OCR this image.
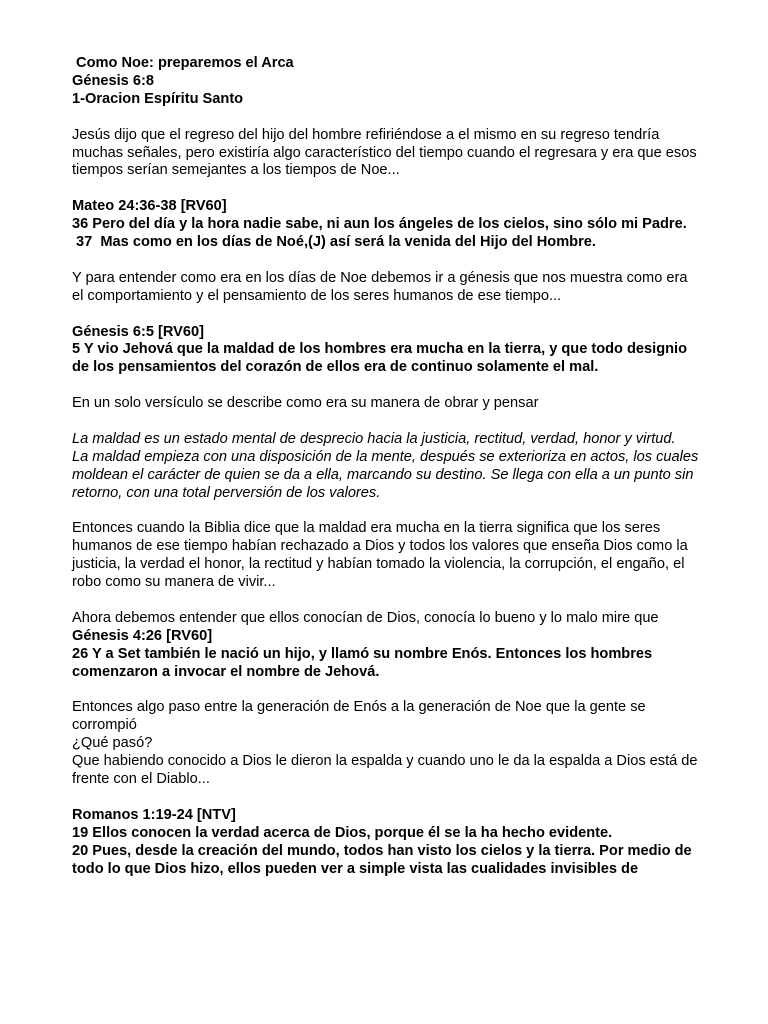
Como Noe: preparemos el Arca
Génesis 6:8
1-Oracion Espíritu Santo
Jesús dijo que el regreso del hijo del hombre refiriéndose a el mismo en su regreso tendría muchas señales, pero existiría algo característico del tiempo cuando el regresara y era que esos tiempos serían semejantes a los tiempos de Noe...
Mateo 24:36-38 [RV60]
36 Pero del día y la hora nadie sabe, ni aun los ángeles de los cielos, sino sólo mi Padre.
37  Mas como en los días de Noé,(J) así será la venida del Hijo del Hombre.
Y para entender como era en los días de Noe debemos ir a génesis que nos muestra como era el comportamiento y el pensamiento de los seres humanos de ese tiempo...
Génesis 6:5 [RV60]
5 Y vio Jehová que la maldad de los hombres era mucha en la tierra, y que todo designio de los pensamientos del corazón de ellos era de continuo solamente el mal.
En un solo versículo se describe como era su manera de obrar y pensar
La maldad es un estado mental de desprecio hacia la justicia, rectitud, verdad, honor y virtud.
La maldad empieza con una disposición de la mente, después se exterioriza en actos, los cuales moldean el carácter de quien se da a ella, marcando su destino. Se llega con ella a un punto sin retorno, con una total perversión de los valores.
Entonces cuando la Biblia dice que la maldad era mucha en la tierra significa que los seres humanos de ese tiempo habían rechazado a Dios y todos los valores que enseña Dios como la justicia, la verdad el honor, la rectitud y habían tomado la violencia, la corrupción, el engaño, el robo como su manera de vivir...
Ahora debemos entender que ellos conocían de Dios, conocía lo bueno y lo malo mire que
Génesis 4:26 [RV60]
26 Y a Set también le nació un hijo, y llamó su nombre Enós. Entonces los hombres comenzaron a invocar el nombre de Jehová.
Entonces algo paso entre la generación de Enós a la generación de Noe que la gente se corrompió
¿Qué pasó?
Que habiendo conocido a Dios le dieron la espalda y cuando uno le da la espalda a Dios está de frente con el Diablo...
Romanos 1:19-24 [NTV]
19 Ellos conocen la verdad acerca de Dios, porque él se la ha hecho evidente.
20 Pues, desde la creación del mundo, todos han visto los cielos y la tierra. Por medio de todo lo que Dios hizo, ellos pueden ver a simple vista las cualidades invisibles de
